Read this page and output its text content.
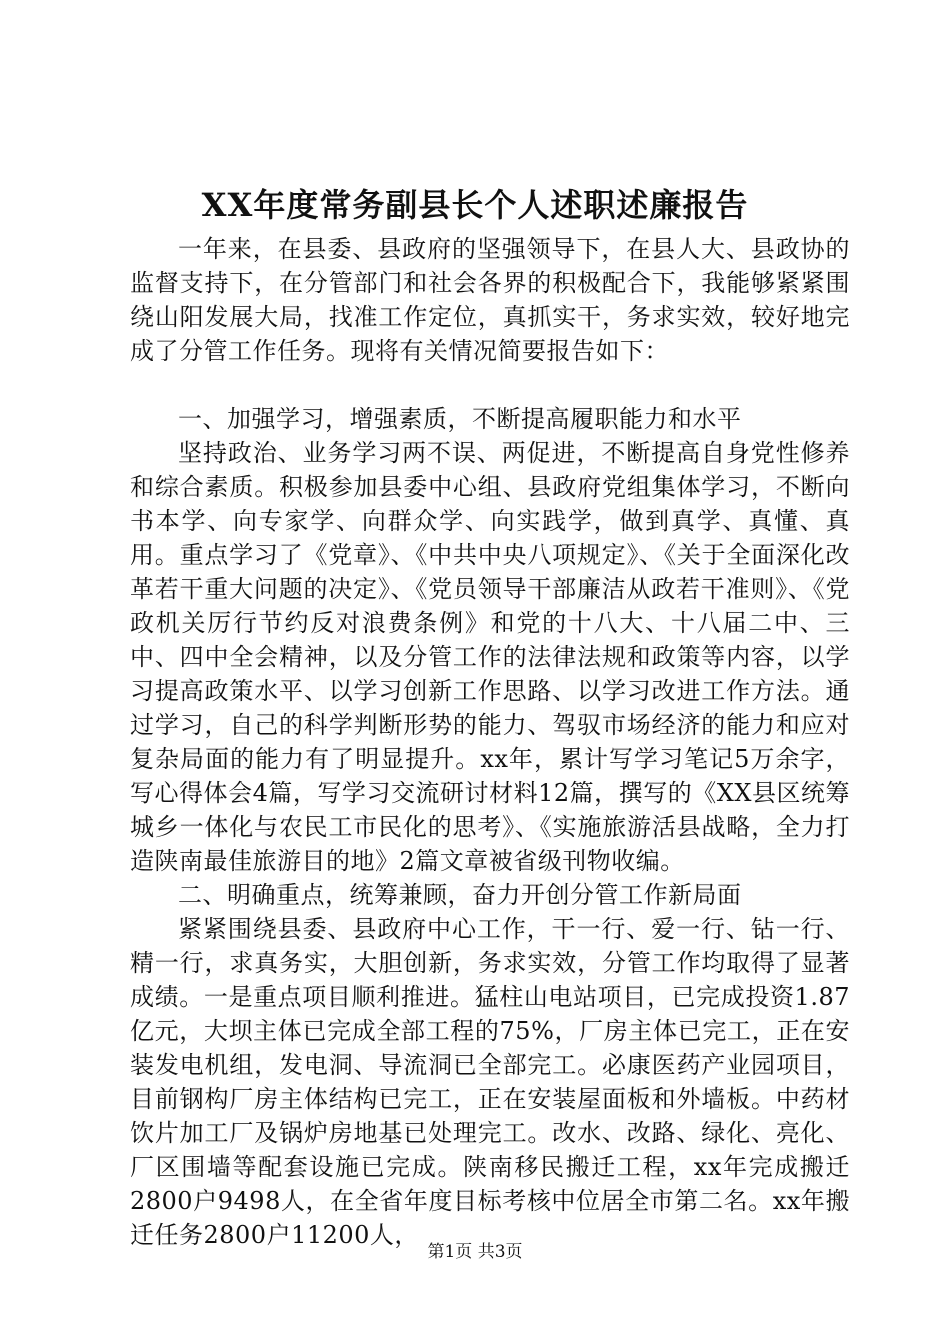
XX年度常务副县长个人述职述廉报告

一年来，在县委、县政府的坚强领导下，在县人大、县政协的监督支持下，在分管部门和社会各界的积极配合下，我能够紧紧围绕山阳发展大局，找准工作定位，真抓实干，务求实效，较好地完成了分管工作任务。现将有关情况简要报告如下：

一、加强学习，增强素质，不断提高履职能力和水平

坚持政治、业务学习两不误、两促进，不断提高自身党性修养和综合素质。积极参加县委中心组、县政府党组集体学习，不断向书本学、向专家学、向群众学、向实践学，做到真学、真懂、真用。重点学习了《党章》、《中共中央八项规定》、《关于全面深化改革若干重大问题的决定》、《党员领导干部廉洁从政若干准则》、《党政机关厉行节约反对浪费条例》和党的十八大、十八届二中、三中、四中全会精神，以及分管工作的法律法规和政策等内容，以学习提高政策水平、以学习创新工作思路、以学习改进工作方法。通过学习，自己的科学判断形势的能力、驾驭市场经济的能力和应对复杂局面的能力有了明显提升。xx年，累计写学习笔记5万余字，写心得体会4篇，写学习交流研讨材料12篇，撰写的《XX县区统筹城乡一体化与农民工市民化的思考》、《实施旅游活县战略，全力打造陕南最佳旅游目的地》2篇文章被省级刊物收编。

二、明确重点，统筹兼顾，奋力开创分管工作新局面

紧紧围绕县委、县政府中心工作，干一行、爱一行、钻一行、精一行，求真务实，大胆创新，务求实效，分管工作均取得了显著成绩。一是重点项目顺利推进。猛柱山电站项目，已完成投资1.87亿元，大坝主体已完成全部工程的75%，厂房主体已完工，正在安装发电机组，发电洞、导流洞已全部完工。必康医药产业园项目，目前钢构厂房主体结构已完工，正在安装屋面板和外墙板。中药材饮片加工厂及锅炉房地基已处理完工。改水、改路、绿化、亮化、厂区围墙等配套设施已完成。陕南移民搬迁工程，xx年完成搬迁2800户9498人，在全省年度目标考核中位居全市第二名。xx年搬迁任务2800户11200人，

第1页 共3页
